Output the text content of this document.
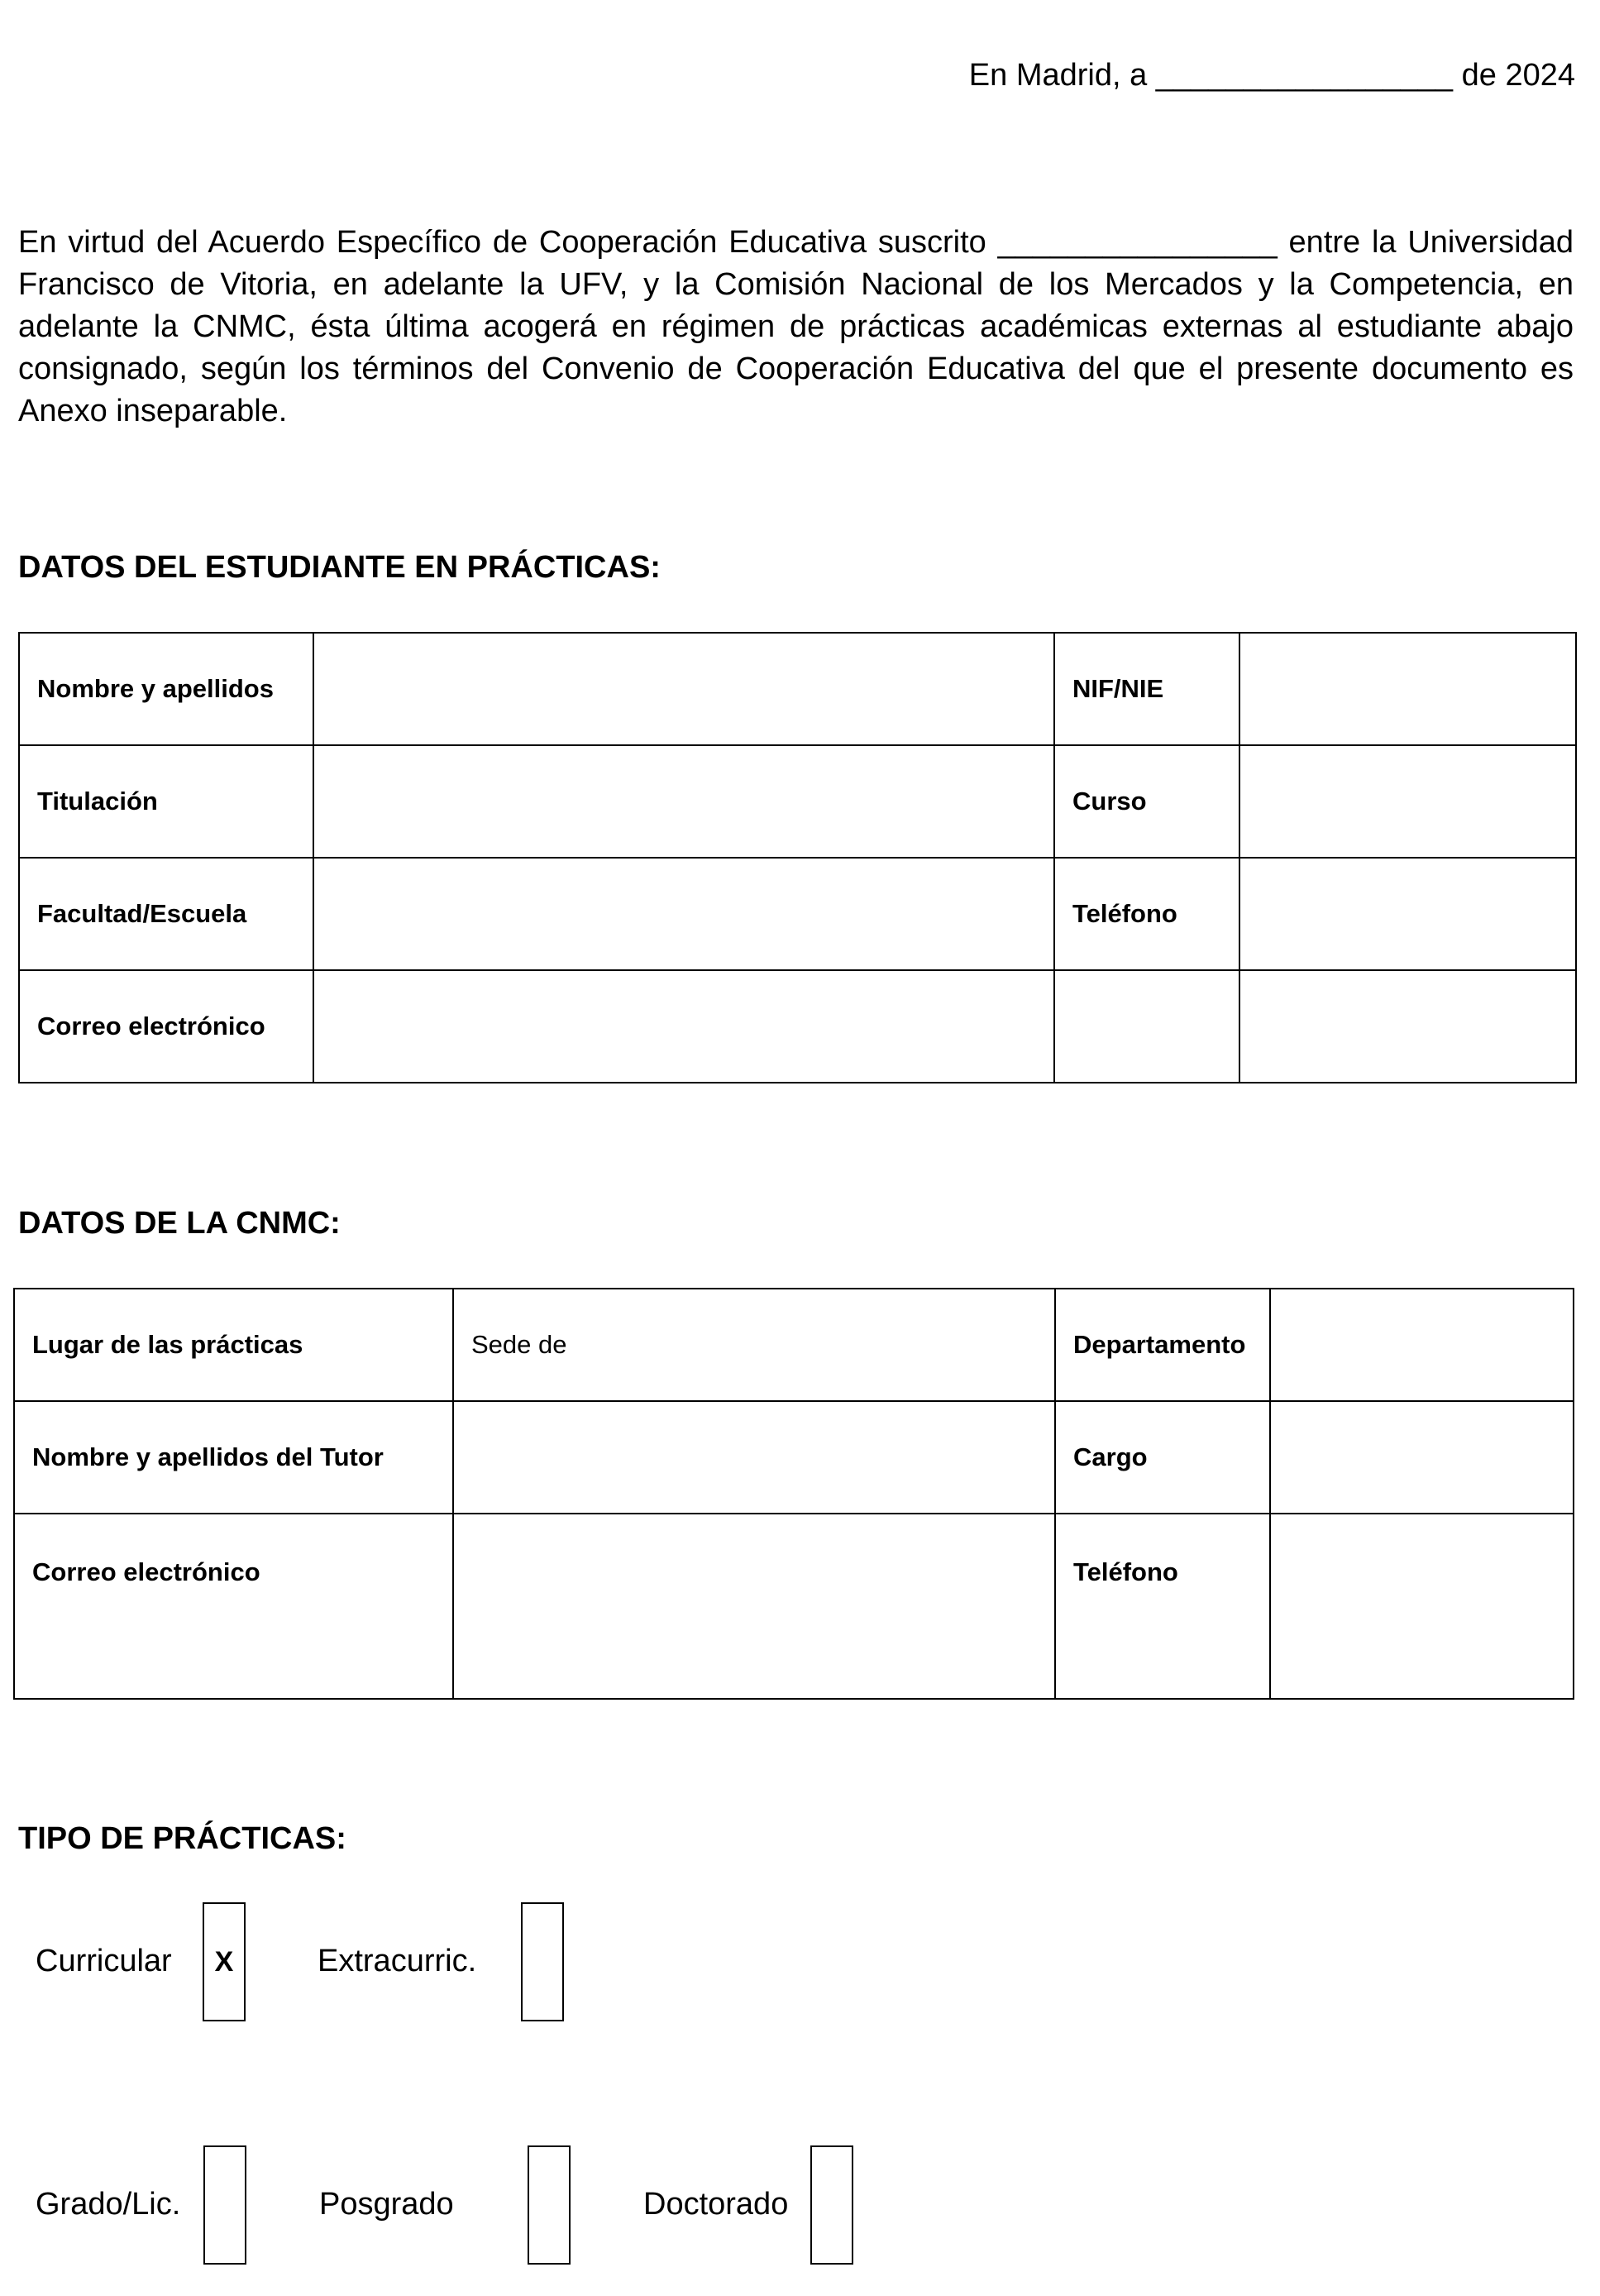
En Madrid, a _________________ de 2024

En virtud del Acuerdo Específico de Cooperación Educativa suscrito ________________ entre la Universidad Francisco de Vitoria, en adelante la UFV, y la Comisión Nacional de los Mercados y la Competencia, en adelante la CNMC, ésta última acogerá en régimen de prácticas académicas externas al estudiante abajo consignado, según los términos del Convenio de Cooperación Educativa del que el presente documento es Anexo inseparable.

DATOS DEL ESTUDIANTE EN PRÁCTICAS:
Nombre y apellidos		NIF/NIE	
Titulación		Curso	
Facultad/Escuela		Teléfono	
Correo electrónico			
DATOS DE LA CNMC:
Lugar de las prácticas	Sede de	Departamento	
Nombre y apellidos del Tutor		Cargo	
Correo electrónico		Teléfono	
TIPO DE PRÁCTICAS:
Curricular	X	Extracurric.
Grado/Lic.	Posgrado	Doctorado
